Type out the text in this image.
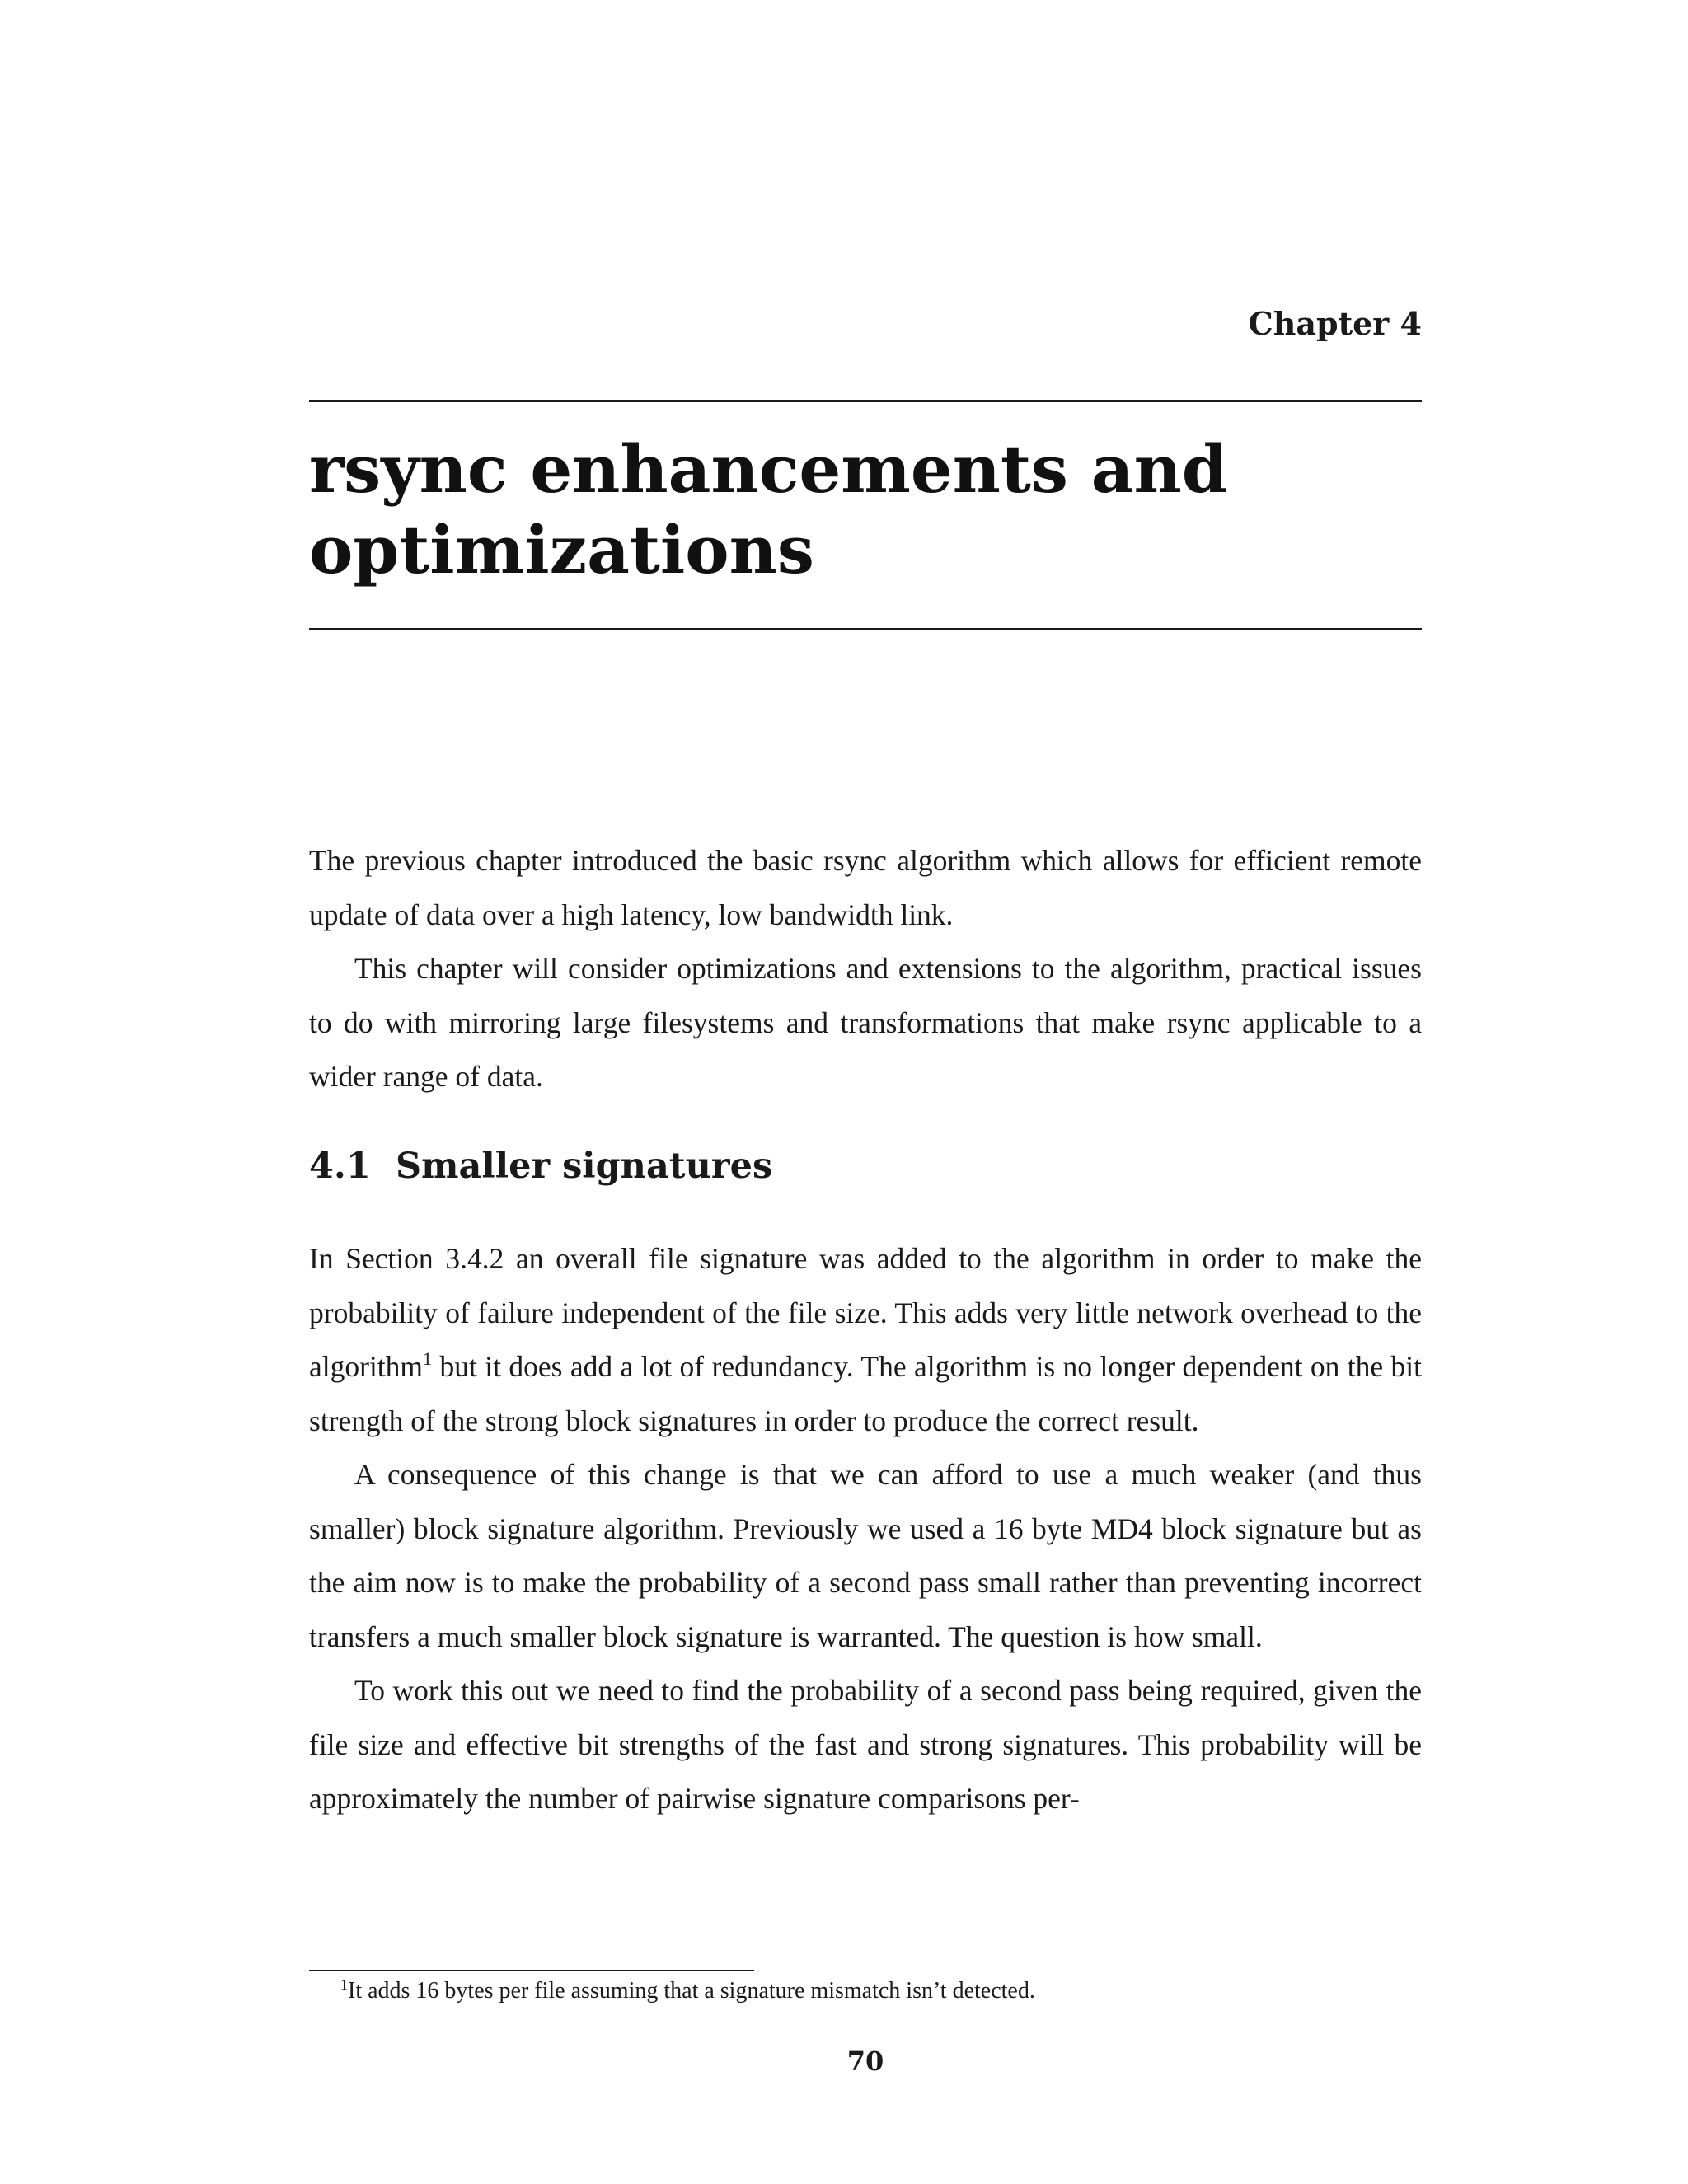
Chapter 4
rsync enhancements and optimizations

The previous chapter introduced the basic rsync algorithm which allows for efficient remote update of data over a high latency, low bandwidth link.

This chapter will consider optimizations and extensions to the algorithm, practical issues to do with mirroring large filesystems and transformations that make rsync applicable to a wider range of data.

4.1 Smaller signatures

In Section 3.4.2 an overall file signature was added to the algorithm in order to make the probability of failure independent of the file size. This adds very little network overhead to the algorithm$^1$ but it does add a lot of redundancy. The algorithm is no longer dependent on the bit strength of the strong block signatures in order to produce the correct result.

A consequence of this change is that we can afford to use a much weaker (and thus smaller) block signature algorithm. Previously we used a 16 byte MD4 block signature but as the aim now is to make the probability of a second pass small rather than preventing incorrect transfers a much smaller block signature is warranted. The question is how small.

To work this out we need to find the probability of a second pass being required, given the file size and effective bit strengths of the fast and strong signatures. This probability will be approximately the number of pairwise signature comparisons per-

$^1$It adds 16 bytes per file assuming that a signature mismatch isn’t detected.
70
